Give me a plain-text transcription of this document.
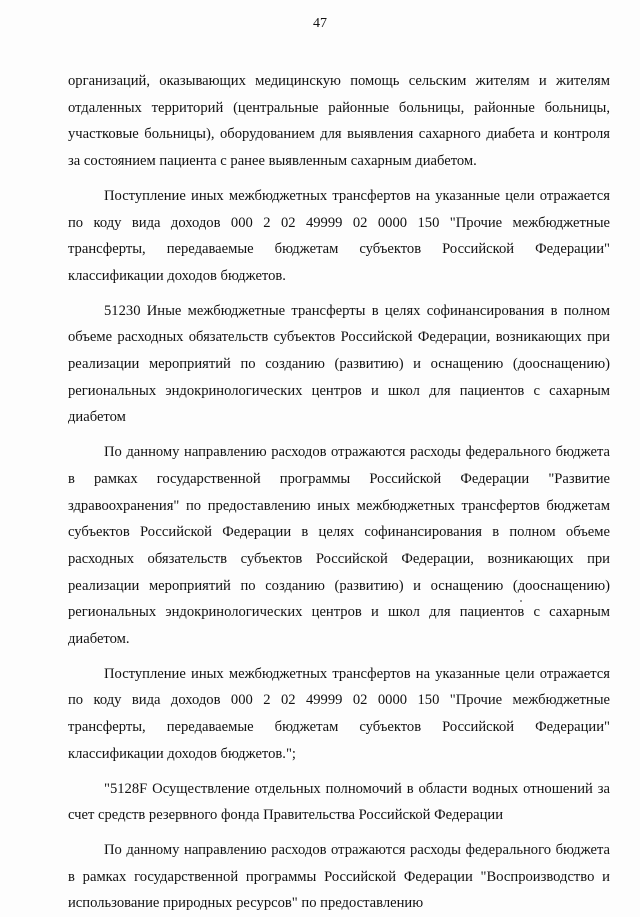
47

организаций, оказывающих медицинскую помощь сельским жителям и жителям отдаленных территорий (центральные районные больницы, районные больницы, участковые больницы), оборудованием для выявления сахарного диабета и контроля за состоянием пациента с ранее выявленным сахарным диабетом.

Поступление иных межбюджетных трансфертов на указанные цели отражается по коду вида доходов 000 2 02 49999 02 0000 150 "Прочие межбюджетные трансферты, передаваемые бюджетам субъектов Российской Федерации" классификации доходов бюджетов.

51230 Иные межбюджетные трансферты в целях софинансирования в полном объеме расходных обязательств субъектов Российской Федерации, возникающих при реализации мероприятий по созданию (развитию) и оснащению (дооснащению) региональных эндокринологических центров и школ для пациентов с сахарным диабетом

По данному направлению расходов отражаются расходы федерального бюджета в рамках государственной программы Российской Федерации "Развитие здравоохранения" по предоставлению иных межбюджетных трансфертов бюджетам субъектов Российской Федерации в целях софинансирования в полном объеме расходных обязательств субъектов Российской Федерации, возникающих при реализации мероприятий по созданию (развитию) и оснащению (дооснащению) региональных эндокринологических центров и школ для пациентов с сахарным диабетом.

Поступление иных межбюджетных трансфертов на указанные цели отражается по коду вида доходов 000 2 02 49999 02 0000 150 "Прочие межбюджетные трансферты, передаваемые бюджетам субъектов Российской Федерации" классификации доходов бюджетов.";

"5128F Осуществление отдельных полномочий в области водных отношений за счет средств резервного фонда Правительства Российской Федерации

По данному направлению расходов отражаются расходы федерального бюджета в рамках государственной программы Российской Федерации "Воспроизводство и использование природных ресурсов" по предоставлению
